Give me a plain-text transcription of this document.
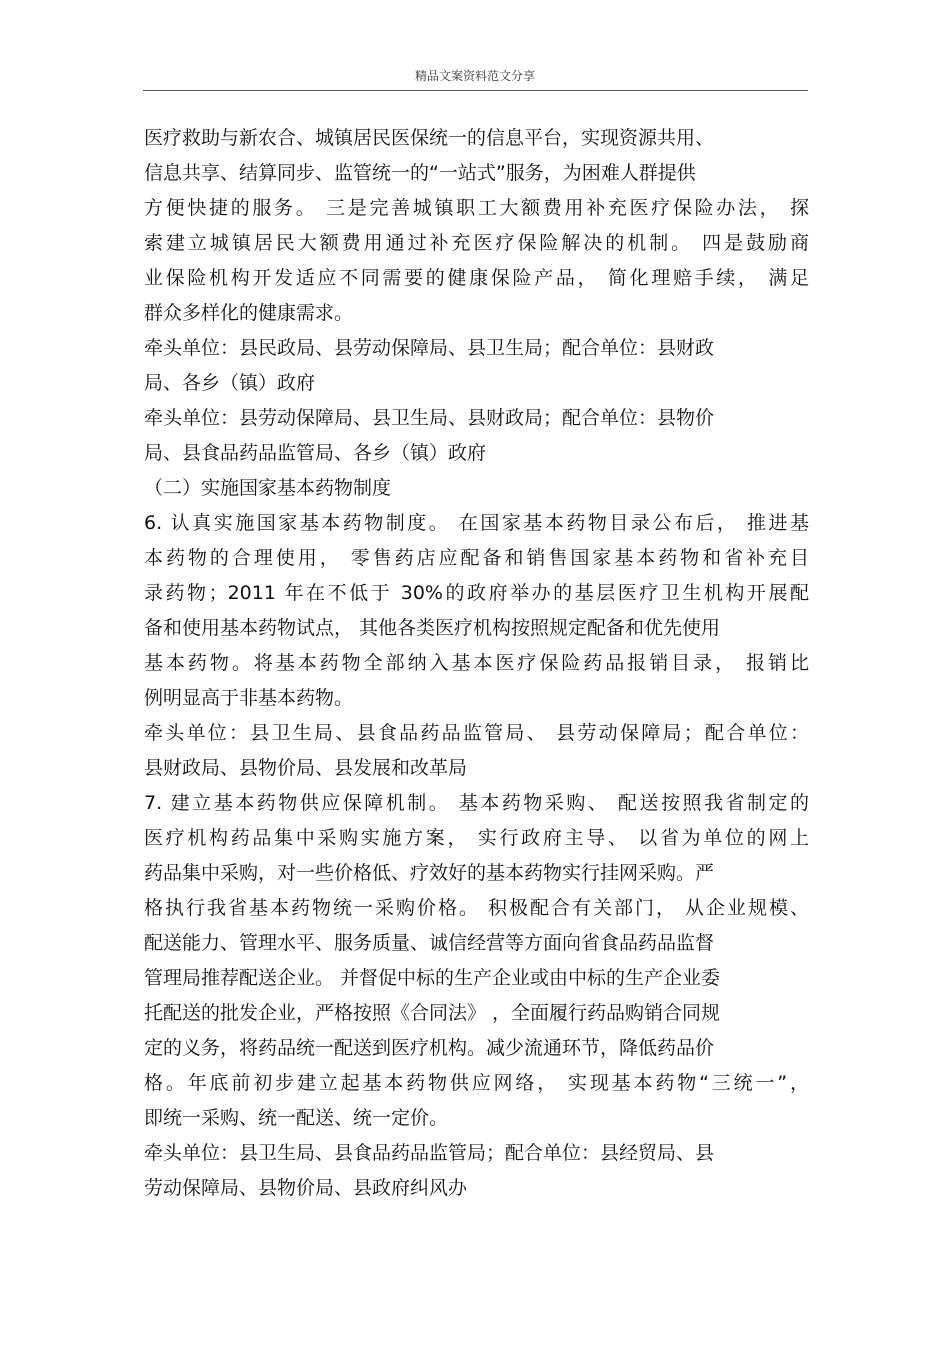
精品文案资料范文分享
医疗救助与新农合、城镇居民医保统一的信息平台，实现资源共用、
信息共享、结算同步、监管统一的“一站式”服务，为困难人群提供
方便快捷的服务。 三是完善城镇职工大额费用补充医疗保险办法， 探
索建立城镇居民大额费用通过补充医疗保险解决的机制。 四是鼓励商
业保险机构开发适应不同需要的健康保险产品， 简化理赔手续， 满足
群众多样化的健康需求。
牵头单位：县民政局、县劳动保障局、县卫生局；配合单位：县财政
局、各乡（镇）政府
牵头单位：县劳动保障局、县卫生局、县财政局；配合单位：县物价
局、县食品药品监管局、各乡（镇）政府
（二）实施国家基本药物制度
6. 认真实施国家基本药物制度。 在国家基本药物目录公布后， 推进基
本药物的合理使用， 零售药店应配备和销售国家基本药物和省补充目
录药物；2011 年在不低于 30%的政府举办的基层医疗卫生机构开展配
备和使用基本药物试点， 其他各类医疗机构按照规定配备和优先使用
基本药物。将基本药物全部纳入基本医疗保险药品报销目录， 报销比
例明显高于非基本药物。
牵头单位：县卫生局、县食品药品监管局、 县劳动保障局；配合单位：
县财政局、县物价局、县发展和改革局
7. 建立基本药物供应保障机制。 基本药物采购、 配送按照我省制定的
医疗机构药品集中采购实施方案， 实行政府主导、 以省为单位的网上
药品集中采购，对一些价格低、疗效好的基本药物实行挂网采购。严
格执行我省基本药物统一采购价格。 积极配合有关部门， 从企业规模、
配送能力、管理水平、服务质量、诚信经营等方面向省食品药品监督
管理局推荐配送企业。 并督促中标的生产企业或由中标的生产企业委
托配送的批发企业，严格按照《合同法》 ，全面履行药品购销合同规
定的义务，将药品统一配送到医疗机构。减少流通环节，降低药品价
格。年底前初步建立起基本药物供应网络， 实现基本药物“三统一”，
即统一采购、统一配送、统一定价。
牵头单位：县卫生局、县食品药品监管局；配合单位：县经贸局、县
劳动保障局、县物价局、县政府纠风办
